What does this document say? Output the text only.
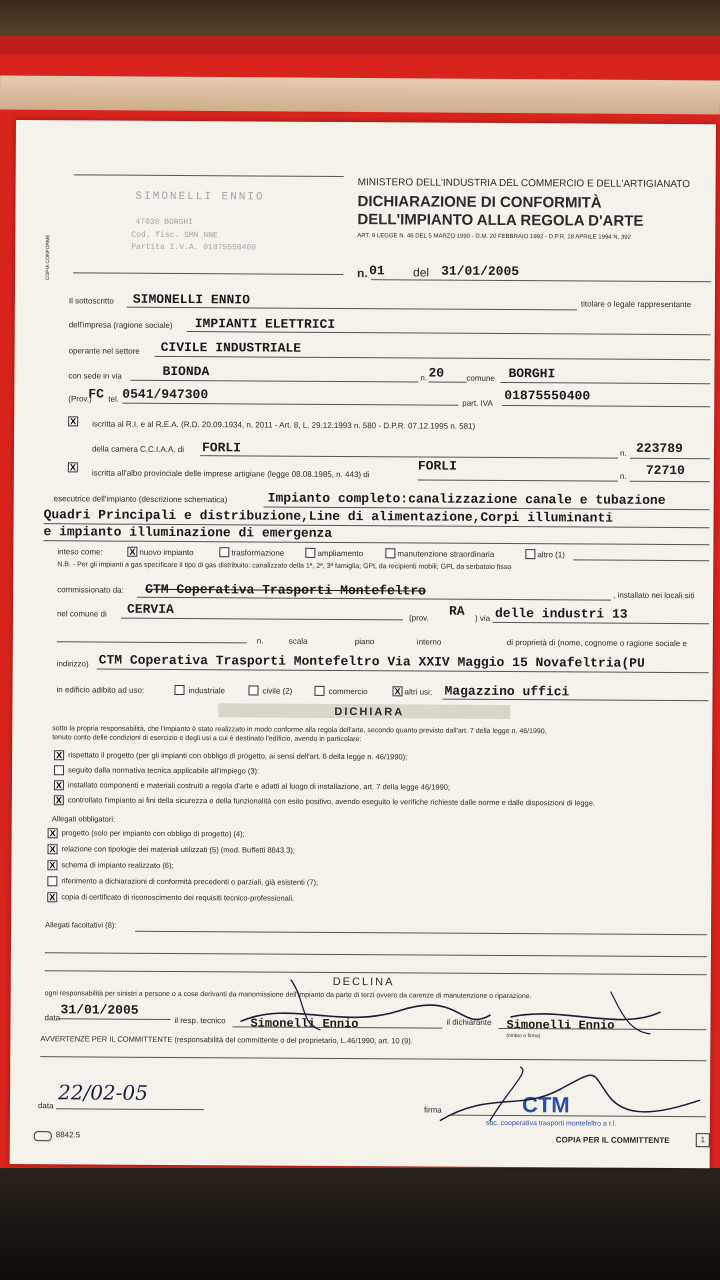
SIMONELLI ENNIO
47030 BORGHI
Cod. fisc. SMN NNE
Partita I.V.A. 01875550400
MINISTERO DELL'INDUSTRIA DEL COMMERCIO E DELL'ARTIGIANATO
DICHIARAZIONE DI CONFORMITÀ
DELL'IMPIANTO ALLA REGOLA D'ARTE
ART. 9 LEGGE N. 46 DEL 5 MARZO 1990 - D.M. 20 FEBBRAIO 1992 - D.P.R. 18 APRILE 1994 N. 392
n. 01 del 31/01/2005
COPIA CONFORME
Il sottoscritto SIMONELLI ENNIO	titolare o legale rappresentante
dell'impresa (ragione sociale) IMPIANTI ELETTRICI
operante nel settore CIVILE INDUSTRIALE
con sede in via	BIONDA	n. 20	comune BORGHI
(Prov.)
FC tel. 0541/947300
part. IVA 01875550400
X iscritta al R.I. e al R.E.A. (R.D. 20.09.1934, n. 2011 - Art. 8, L. 29.12.1993 n. 580 - D.P.R. 07.12.1995 n. 581)
della camera C.C.I.A.A. di FORLI	n. 223789
X
iscritta all'albo provinciale delle imprese artigiane (legge 08.08.1985, n. 443) di
FORLI
n. 72710
esecutrice dell'impianto (descrizione schematica)	Impianto completo:canalizzazione canale e tubazione
Quadri Principali e distribuzione,Line di alimentazione,Corpi illuminanti
e impianto illuminazione di emergenza
inteso come:	X nuovo impianto	trasformazione	ampliamento	manutenzione straordinaria	altro (1)
N.B. - Per gli impianti a gas specificare il tipo di gas distribuito: canalizzato della 1ª, 2ª, 3ª famiglia; GPL da recipienti mobili; GPL da serbatoio fisso
commissionato da: CTM Coperativa Trasporti Montefeltro	, installato nei locali siti
nel comune di CERVIA
(prov. RA ) via delle industri 13
n.	scala	piano	interno	di proprietà di (nome, cognome o ragione sociale e
indirizzo) CTM Coperativa Trasporti Montefeltro Via XXIV Maggio 15 Novafeltria(PU
in edificio adibito ad uso:	industriale	civile (2)	commercio	X altri usi; Magazzino uffici
DICHIARA
sotto la propria responsabilità, che l'impianto è stato realizzato in modo conforme alla regola dell'arte, secondo quanto previsto dall'art. 7 della legge n. 46/1990,
tenuto conto delle condizioni di esercizio e degli usi a cui è destinato l'edificio, avendo in particolare:
X rispettato il progetto (per gli impianti con obbligo di progetto, ai sensi dell'art. 6 della legge n. 46/1990);
seguito dalla normativa tecnica applicabile all'impiego (3):
X installato componenti e materiali costruiti a regola d'arte e adatti al luogo di installazione, art. 7 della legge 46/1990;
X controllato l'impianto ai fini della sicurezza e della funzionalità con esito positivo, avendo eseguito le verifiche richieste dalle norme e dalle disposizioni di legge.
Allegati obbligatori:
X progetto (solo per impianto con obbligo di progetto) (4);
X relazione con tipologie dei materiali utilizzati (5) (mod. Buffetti 8843.3);
X schema di impianto realizzato (6);
riferimento a dichiarazioni di conformità precedenti o parziali, già esistenti (7);
X copia di certificato di riconoscimento dei requisiti tecnico-professionali.
Allegati facoltativi (8):
DECLINA
ogni responsabilità per sinistri a persone o a cose derivanti da manomissione dell'impianto da parte di terzi ovvero da carenze di manutenzione o riparazione.
data 31/01/2005
il resp. tecnico Simonelli Ennio	il dichiarante Simonelli Ennio
(timbro e firma)
AVVERTENZE PER IL COMMITTENTE (responsabilità del committente o del proprietario, L.46/1990, art. 10 (9).
data
22/02-05
firma	CTM
soc. cooperativa trasporti montefeltro a r.l.
8842.5
COPIA PER IL COMMITTENTE	1
